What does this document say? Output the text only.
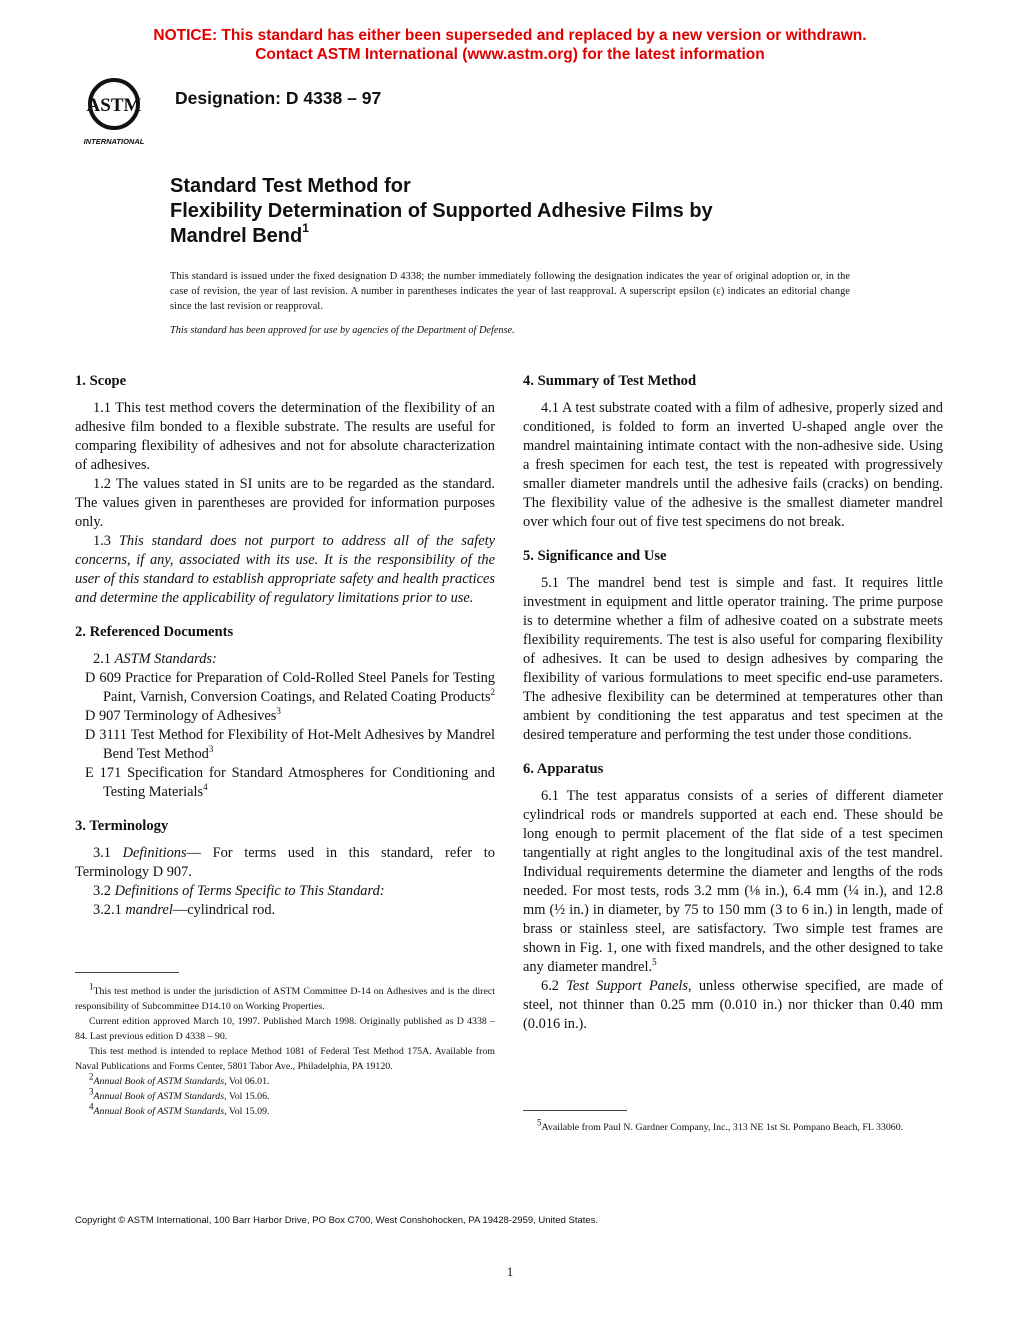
NOTICE: This standard has either been superseded and replaced by a new version or withdrawn.
Contact ASTM International (www.astm.org) for the latest information
ASTM
INTERNATIONAL
Designation: D 4338 – 97
Standard Test Method for
Flexibility Determination of Supported Adhesive Films by
Mandrel Bend$^1$
This standard is issued under the fixed designation D 4338; the number immediately following the designation indicates the year of original adoption or, in the case of revision, the year of last revision. A number in parentheses indicates the year of last reapproval. A superscript epsilon (ε) indicates an editorial change since the last revision or reapproval.
This standard has been approved for use by agencies of the Department of Defense.
1. Scope

1.1 This test method covers the determination of the flexibility of an adhesive film bonded to a flexible substrate. The results are useful for comparing flexibility of adhesives and not for absolute characterization of adhesives.

1.2 The values stated in SI units are to be regarded as the standard. The values given in parentheses are provided for information purposes only.

1.3 This standard does not purport to address all of the safety concerns, if any, associated with its use. It is the responsibility of the user of this standard to establish appropriate safety and health practices and determine the applicability of regulatory limitations prior to use.

2. Referenced Documents

2.1 ASTM Standards:

D 609 Practice for Preparation of Cold-Rolled Steel Panels for Testing Paint, Varnish, Conversion Coatings, and Related Coating Products$^2$

D 907 Terminology of Adhesives$^3$

D 3111 Test Method for Flexibility of Hot-Melt Adhesives by Mandrel Bend Test Method$^3$

E 171 Specification for Standard Atmospheres for Conditioning and Testing Materials$^4$

3. Terminology

3.1 Definitions— For terms used in this standard, refer to Terminology D 907.

3.2 Definitions of Terms Specific to This Standard:

3.2.1 mandrel—cylindrical rod.

4. Summary of Test Method

4.1 A test substrate coated with a film of adhesive, properly sized and conditioned, is folded to form an inverted U-shaped angle over the mandrel maintaining intimate contact with the non-adhesive side. Using a fresh specimen for each test, the test is repeated with progressively smaller diameter mandrels until the adhesive fails (cracks) on bending. The flexibility value of the adhesive is the smallest diameter mandrel over which four out of five test specimens do not break.

5. Significance and Use

5.1 The mandrel bend test is simple and fast. It requires little investment in equipment and little operator training. The prime purpose is to determine whether a film of adhesive coated on a substrate meets flexibility requirements. The test is also useful for comparing flexibility of adhesives. It can be used to design adhesives by comparing the flexibility of various formulations to meet specific end-use parameters. The adhesive flexibility can be determined at temperatures other than ambient by conditioning the test apparatus and test specimen at the desired temperature and performing the test under those conditions.

6. Apparatus

6.1 The test apparatus consists of a series of different diameter cylindrical rods or mandrels supported at each end. These should be long enough to permit placement of the flat side of a test specimen tangentially at right angles to the longitudinal axis of the test mandrel. Individual requirements determine the diameter and lengths of the rods needed. For most tests, rods 3.2 mm (⅛ in.), 6.4 mm (¼ in.), and 12.8 mm (½ in.) in diameter, by 75 to 150 mm (3 to 6 in.) in length, made of brass or stainless steel, are satisfactory. Two simple test frames are shown in Fig. 1, one with fixed mandrels, and the other designed to take any diameter mandrel.$^5$

6.2 Test Support Panels, unless otherwise specified, are made of steel, not thinner than 0.25 mm (0.010 in.) nor thicker than 0.40 mm (0.016 in.).

$^1$This test method is under the jurisdiction of ASTM Committee D-14 on Adhesives and is the direct responsibility of Subcommittee D14.10 on Working Properties.

Current edition approved March 10, 1997. Published March 1998. Originally published as D 4338 – 84. Last previous edition D 4338 – 90.

This test method is intended to replace Method 1081 of Federal Test Method 175A. Available from Naval Publications and Forms Center, 5801 Tabor Ave., Philadelphia, PA 19120.

$^2$Annual Book of ASTM Standards, Vol 06.01.

$^3$Annual Book of ASTM Standards, Vol 15.06.

$^4$Annual Book of ASTM Standards, Vol 15.09.

$^5$Available from Paul N. Gardner Company, Inc., 313 NE 1st St. Pompano Beach, FL 33060.

Copyright © ASTM International, 100 Barr Harbor Drive, PO Box C700, West Conshohocken, PA 19428-2959, United States.
1
